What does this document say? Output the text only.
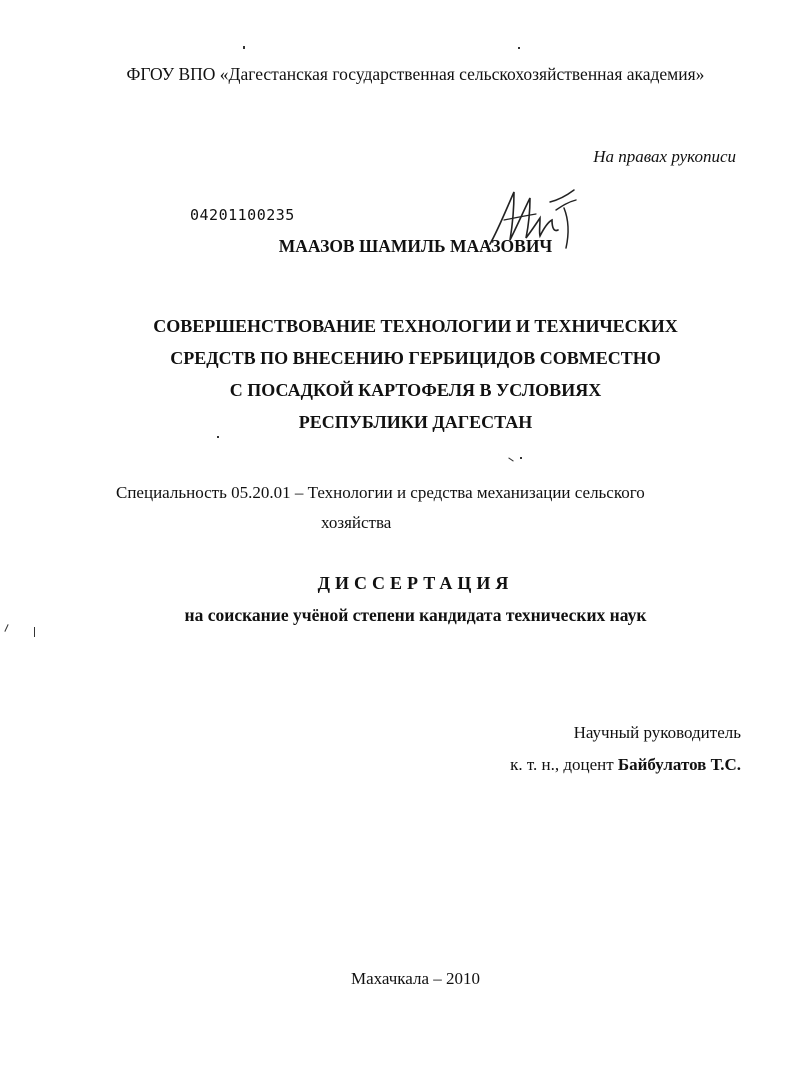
ФГОУ ВПО «Дагестанская государственная сельскохозяйственная академия»
На правах рукописи
04201100235
МААЗОВ ШАМИЛЬ МААЗОВИЧ
СОВЕРШЕНСТВОВАНИЕ ТЕХНОЛОГИИ И ТЕХНИЧЕСКИХ
СРЕДСТВ ПО ВНЕСЕНИЮ ГЕРБИЦИДОВ СОВМЕСТНО
С ПОСАДКОЙ КАРТОФЕЛЯ В УСЛОВИЯХ
РЕСПУБЛИКИ ДАГЕСТАН
Специальность 05.20.01 – Технологии и средства механизации сельского
хозяйства
ДИССЕРТАЦИЯ
на соискание учёной степени кандидата технических наук
Научный руководитель
к. т. н., доцент Байбулатов Т.С.
Махачкала – 2010
